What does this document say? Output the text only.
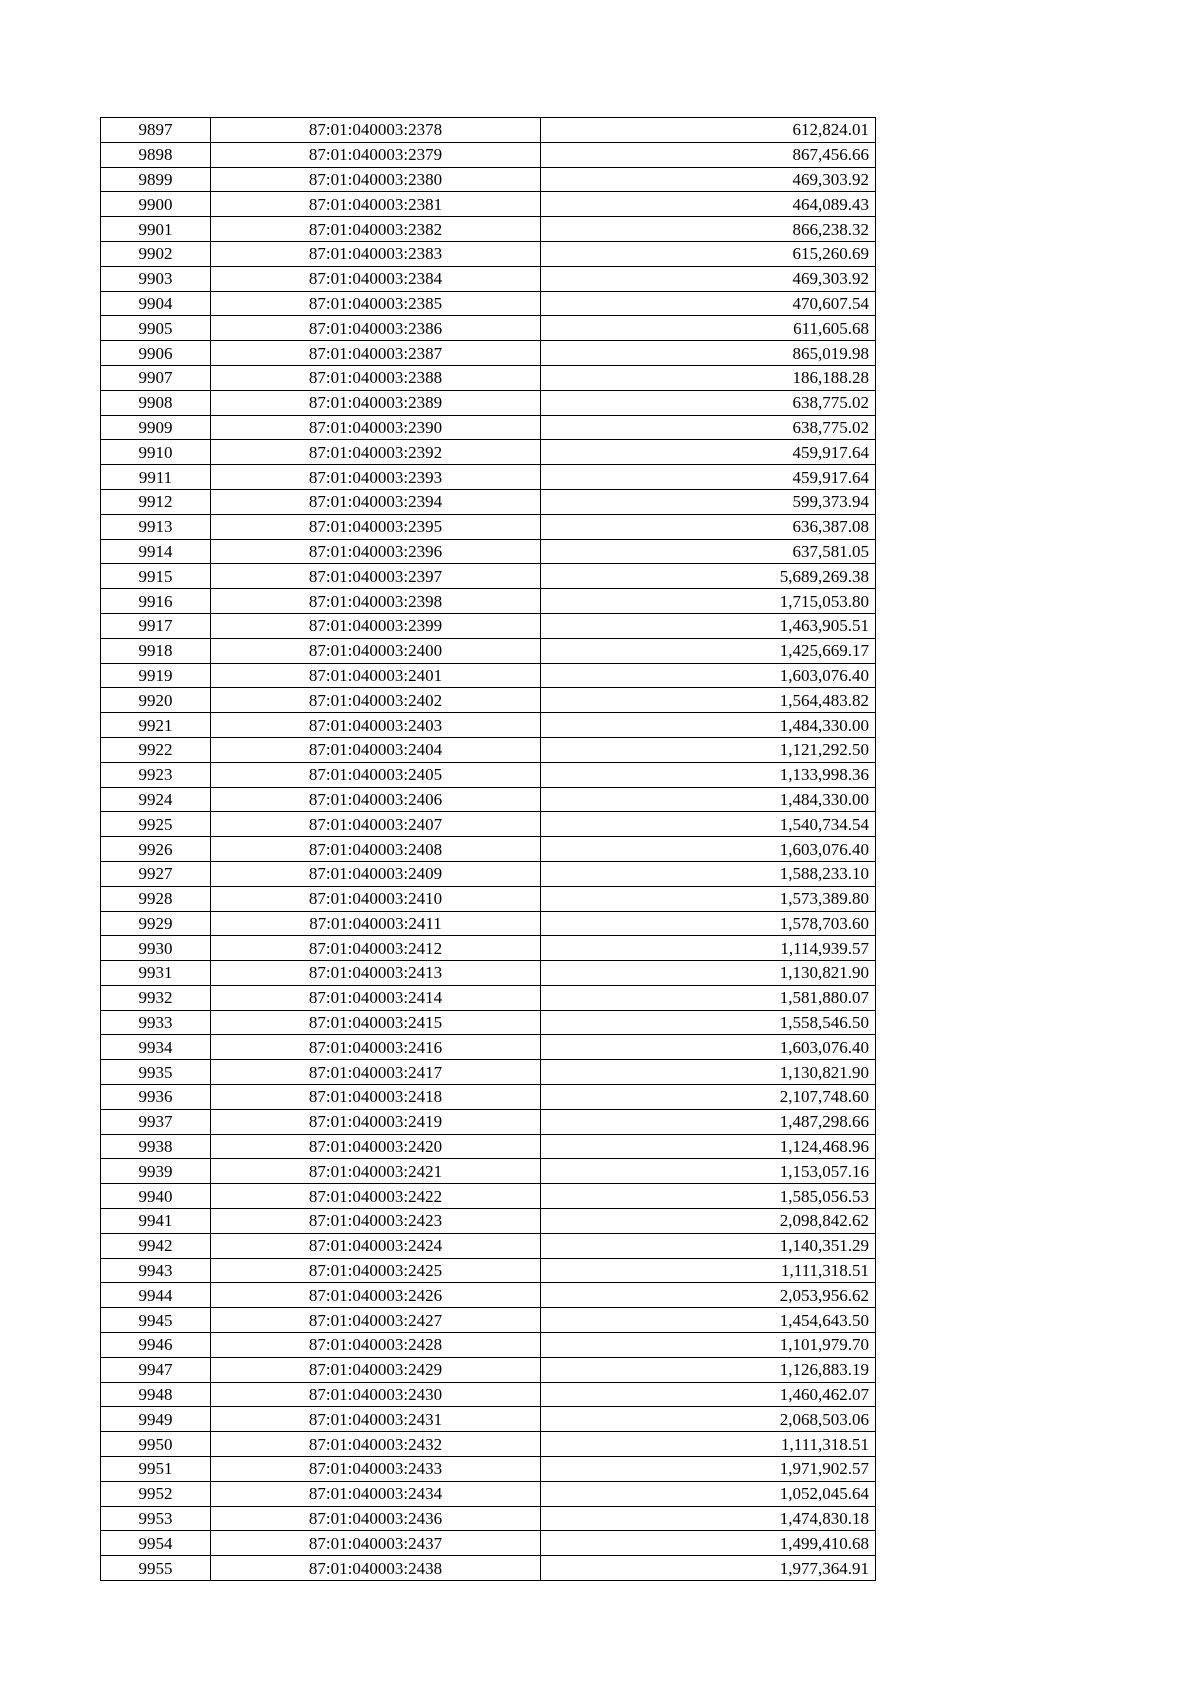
9897	87:01:040003:2378	612,824.01
9898	87:01:040003:2379	867,456.66
9899	87:01:040003:2380	469,303.92
9900	87:01:040003:2381	464,089.43
9901	87:01:040003:2382	866,238.32
9902	87:01:040003:2383	615,260.69
9903	87:01:040003:2384	469,303.92
9904	87:01:040003:2385	470,607.54
9905	87:01:040003:2386	611,605.68
9906	87:01:040003:2387	865,019.98
9907	87:01:040003:2388	186,188.28
9908	87:01:040003:2389	638,775.02
9909	87:01:040003:2390	638,775.02
9910	87:01:040003:2392	459,917.64
9911	87:01:040003:2393	459,917.64
9912	87:01:040003:2394	599,373.94
9913	87:01:040003:2395	636,387.08
9914	87:01:040003:2396	637,581.05
9915	87:01:040003:2397	5,689,269.38
9916	87:01:040003:2398	1,715,053.80
9917	87:01:040003:2399	1,463,905.51
9918	87:01:040003:2400	1,425,669.17
9919	87:01:040003:2401	1,603,076.40
9920	87:01:040003:2402	1,564,483.82
9921	87:01:040003:2403	1,484,330.00
9922	87:01:040003:2404	1,121,292.50
9923	87:01:040003:2405	1,133,998.36
9924	87:01:040003:2406	1,484,330.00
9925	87:01:040003:2407	1,540,734.54
9926	87:01:040003:2408	1,603,076.40
9927	87:01:040003:2409	1,588,233.10
9928	87:01:040003:2410	1,573,389.80
9929	87:01:040003:2411	1,578,703.60
9930	87:01:040003:2412	1,114,939.57
9931	87:01:040003:2413	1,130,821.90
9932	87:01:040003:2414	1,581,880.07
9933	87:01:040003:2415	1,558,546.50
9934	87:01:040003:2416	1,603,076.40
9935	87:01:040003:2417	1,130,821.90
9936	87:01:040003:2418	2,107,748.60
9937	87:01:040003:2419	1,487,298.66
9938	87:01:040003:2420	1,124,468.96
9939	87:01:040003:2421	1,153,057.16
9940	87:01:040003:2422	1,585,056.53
9941	87:01:040003:2423	2,098,842.62
9942	87:01:040003:2424	1,140,351.29
9943	87:01:040003:2425	1,111,318.51
9944	87:01:040003:2426	2,053,956.62
9945	87:01:040003:2427	1,454,643.50
9946	87:01:040003:2428	1,101,979.70
9947	87:01:040003:2429	1,126,883.19
9948	87:01:040003:2430	1,460,462.07
9949	87:01:040003:2431	2,068,503.06
9950	87:01:040003:2432	1,111,318.51
9951	87:01:040003:2433	1,971,902.57
9952	87:01:040003:2434	1,052,045.64
9953	87:01:040003:2436	1,474,830.18
9954	87:01:040003:2437	1,499,410.68
9955	87:01:040003:2438	1,977,364.91
